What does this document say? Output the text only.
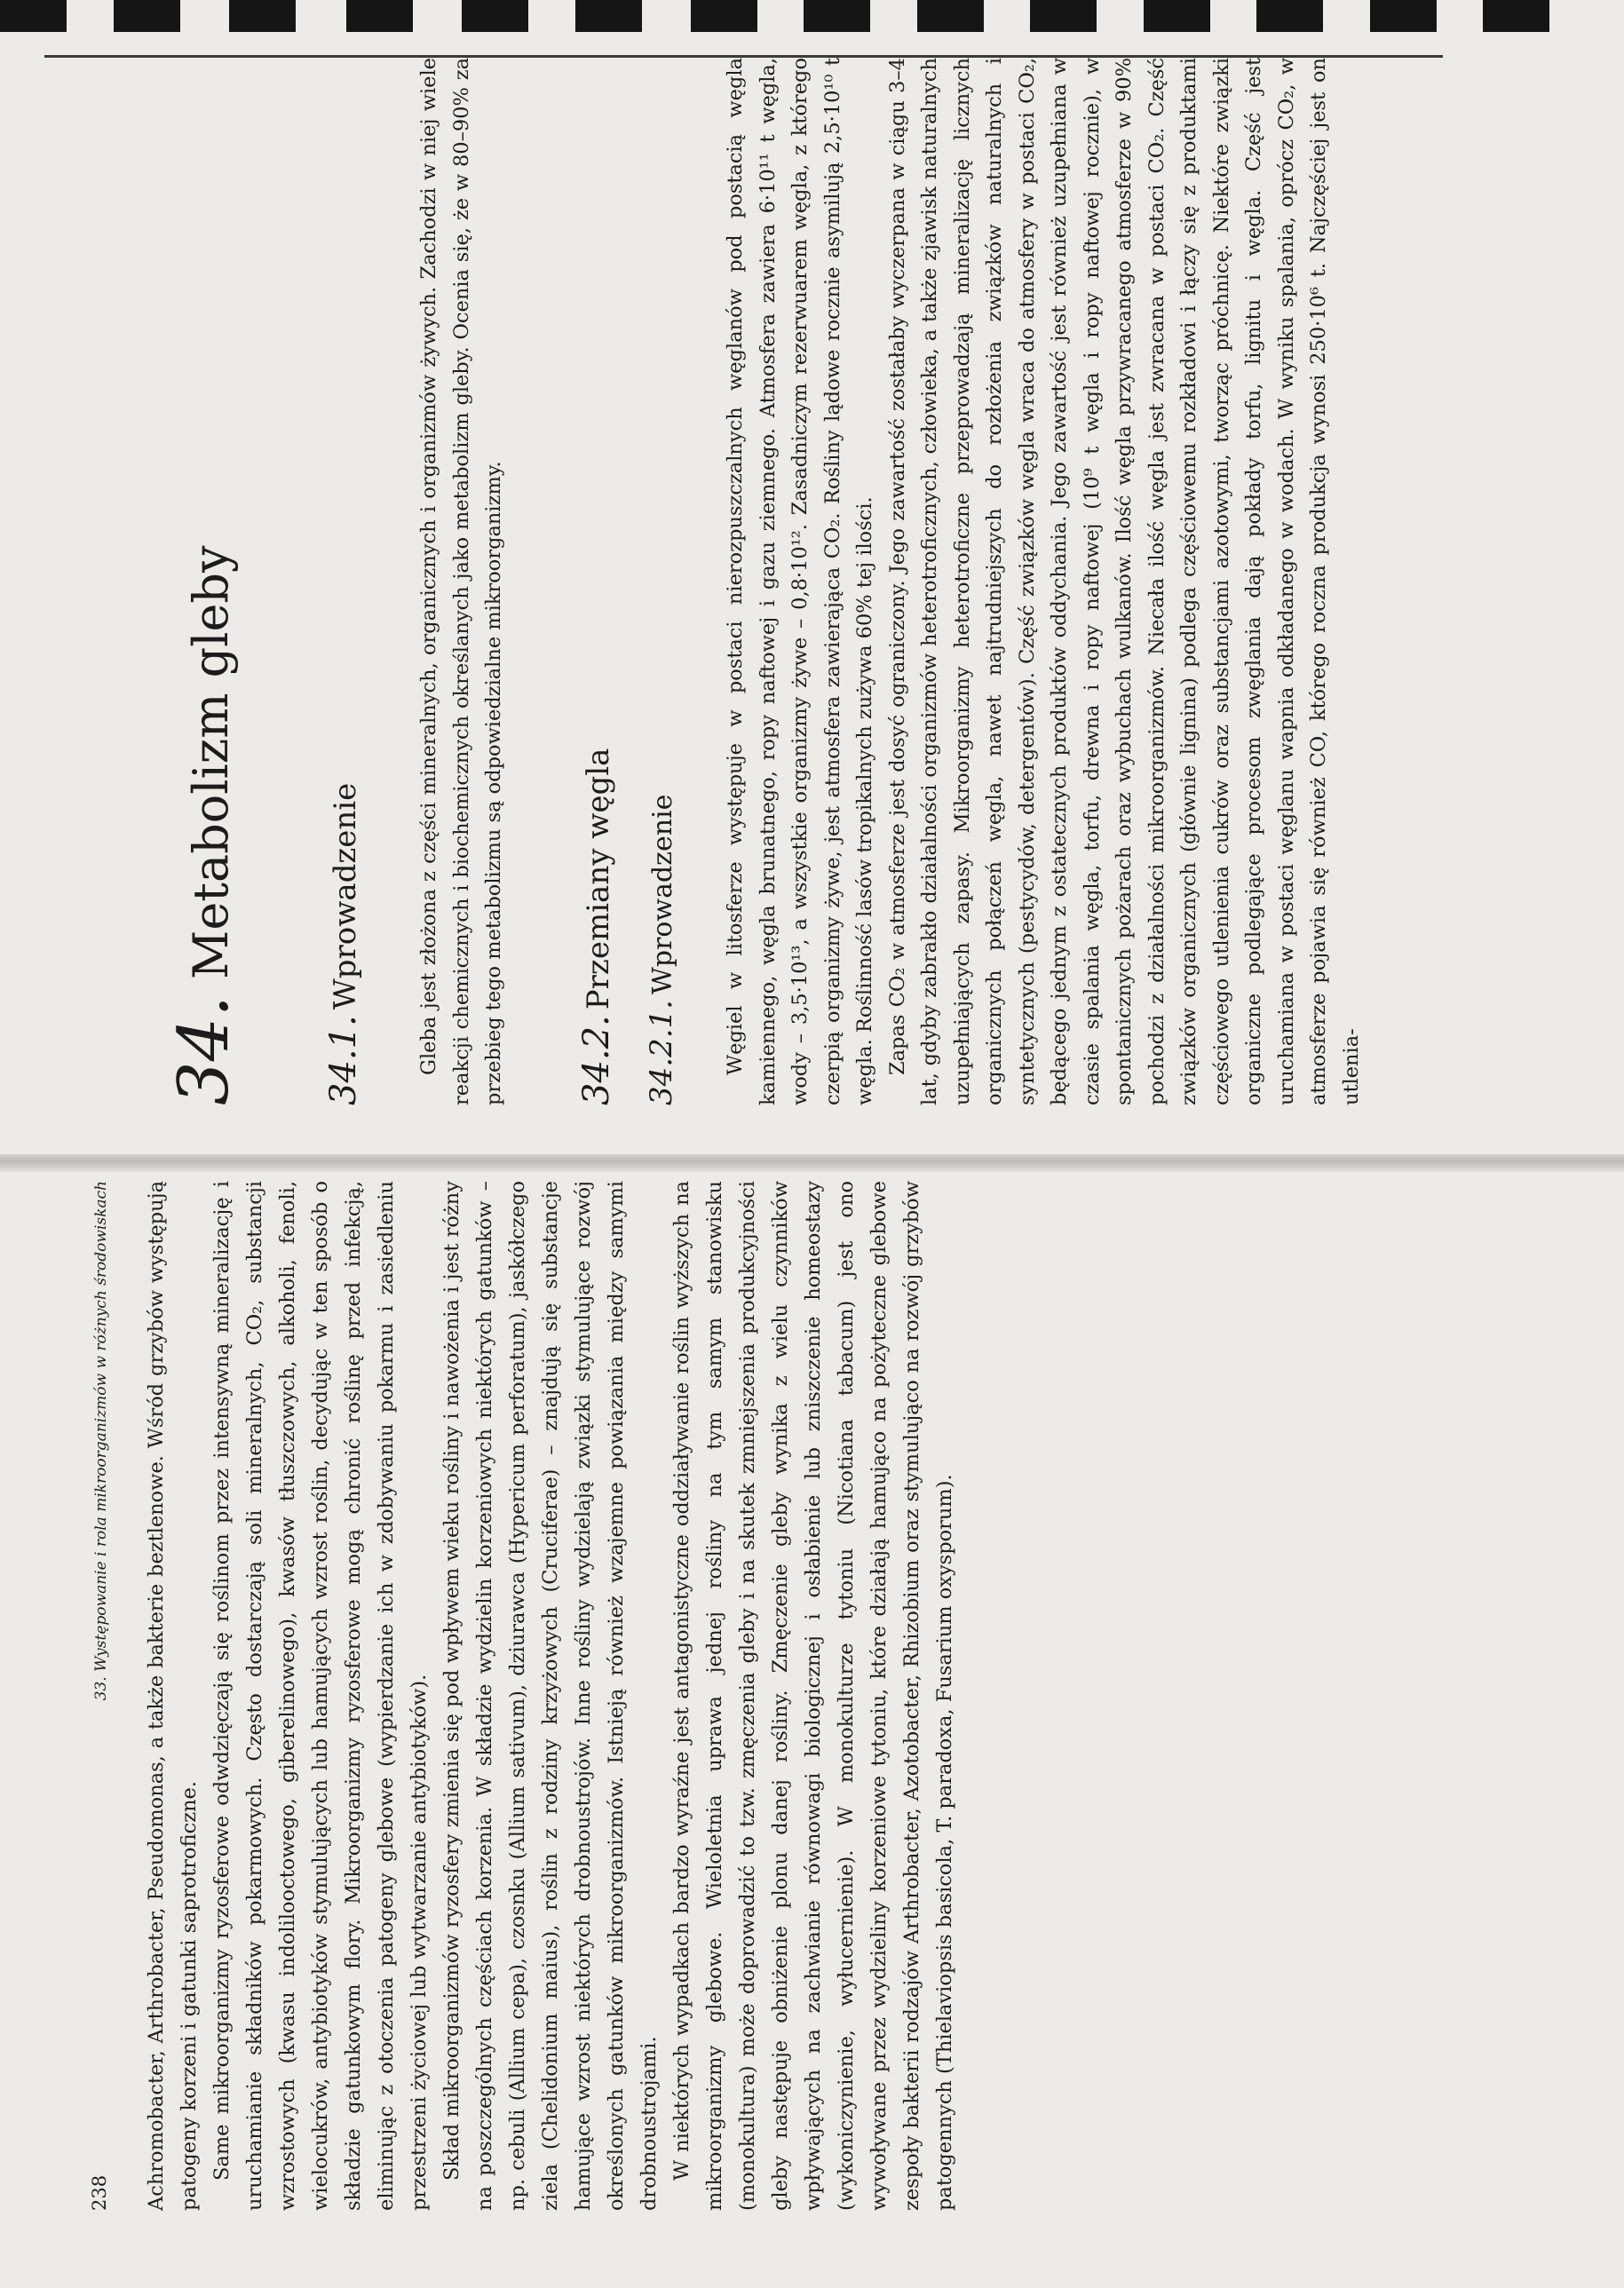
238
33. Występowanie i rola mikroorganizmów w różnych środowiskach Achromobacter, Arthrobacter, Pseudomonas, a także bakterie beztlenowe. Wśród grzybów występują patogeny korzeni i gatunki saprotroficzne. Same mikroorganizmy ryzosferowe odwdzięczają się roślinom przez intensywną mineralizację i uruchamianie składników pokarmowych. Często dostarczają soli mineralnych, CO₂, substancji wzrostowych (kwasu indolilooctowego, giberelinowego), kwasów tłuszczowych, alkoholi, fenoli, wielocukrów, antybiotyków stymulujących lub hamujących wzrost roślin, decydując w ten sposób o składzie gatunkowym flory. Mikroorganizmy ryzosferowe mogą chronić roślinę przed infekcją, eliminując z otoczenia patogeny glebowe (wypierdzanie ich w zdobywaniu pokarmu i zasiedleniu przestrzeni życiowej lub wytwarzanie antybiotyków). Skład mikroorganizmów ryzosfery zmienia się pod wpływem wieku rośliny i nawożenia i jest różny na poszczególnych częściach korzenia. W składzie wydzielin korzeniowych niektórych gatunków – np. cebuli (Allium cepa), czosnku (Allium sativum), dziurawca (Hypericum perforatum), jaskółczego ziela (Chelidonium maius), roślin z rodziny krzyżowych (Cruciferae) – znajdują się substancje hamujące wzrost niektórych drobnoustrojów. Inne rośliny wydzielają związki stymulujące rozwój określonych gatunków mikroorganizmów. Istnieją również wzajemne powiązania między samymi drobnoustrojami. W niektórych wypadkach bardzo wyraźne jest antagonistyczne oddziaływanie roślin wyższych na mikroorganizmy glebowe. Wieloletnia uprawa jednej rośliny na tym samym stanowisku (monokultura) może doprowadzić to tzw. zmęczenia gleby i na skutek zmniejszenia produkcyjności gleby następuje obniżenie plonu danej rośliny. Zmęczenie gleby wynika z wielu czynników wpływających na zachwianie równowagi biologicznej i osłabienie lub zniszczenie homeostazy (wykoniczynienie, wyłucernienie). W monokulturze tytoniu (Nicotiana tabacum) jest ono wywoływane przez wydzieliny korzeniowe tytoniu, które działają hamująco na pożyteczne glebowe zespoły bakterii rodzajów Arthrobacter, Azotobacter, Rhizobium oraz stymulująco na rozwój grzybów patogennych (Thielaviopsis basicola, T. paradoxa, Fusarium oxysporum).

34.Metabolizm gleby
34.1.Wprowadzenie	Gleba jest złożona z części mineralnych, organicznych i organizmów żywych. Zachodzi w niej wiele reakcji chemicznych i biochemicznych określanych jako metabolizm gleby. Ocenia się, że w 80–90% za przebieg tego metabolizmu są odpowiedzialne mikroorganizmy. 34.2.Przemiany węgla
34.2.1.Wprowadzenie Węgiel w litosferze występuje w postaci nierozpuszczalnych węglanów pod postacią węgla kamiennego, węgla brunatnego, ropy naftowej i gazu ziemnego. Atmosfera zawiera 6·10¹¹ t węgla, wody – 3,5·10¹³, a wszystkie organizmy żywe – 0,8·10¹². Zasadniczym rezerwuarem węgla, z którego czerpią organizmy żywe, jest atmosfera zawierająca CO₂. Rośliny lądowe rocznie asymilują 2,5·10¹⁰ t węgla. Roślinność lasów tropikalnych zużywa 60% tej ilości. Zapas CO₂ w atmosferze jest dosyć ograniczony. Jego zawartość zostałaby wyczerpana w ciągu 3–4 lat, gdyby zabrakło działalności organizmów heterotroficznych, człowieka, a także zjawisk naturalnych uzupełniających zapasy. Mikroorganizmy heterotroficzne przeprowadzają mineralizację licznych organicznych połączeń węgla, nawet najtrudniejszych do rozłożenia związków naturalnych i syntetycznych (pestycydów, detergentów). Część związków węgla wraca do atmosfery w postaci CO₂, będącego jednym z ostatecznych produktów oddychania. Jego zawartość jest również uzupełniana w czasie spalania węgla, torfu, drewna i ropy naftowej (10⁹ t węgla i ropy naftowej rocznie), w spontanicznych pożarach oraz wybuchach wulkanów. Ilość węgla przywracanego atmosferze w 90% pochodzi z działalności mikroorganizmów. Niecała ilość węgla jest zwracana w postaci CO₂. Część związków organicznych (głównie lignina) podlega częściowemu rozkładowi i łączy się z produktami częściowego utlenienia cukrów oraz substancjami azotowymi, tworząc próchnicę. Niektóre związki organiczne podlegające procesom zwęglania dają pokłady torfu, lignitu i węgla. Część jest uruchamiana w postaci węglanu wapnia odkładanego w wodach. W wyniku spalania, oprócz CO₂, w atmosferze pojawia się również CO, którego roczna produkcja wynosi 250·10⁶ t. Najczęściej jest on utlenia-
